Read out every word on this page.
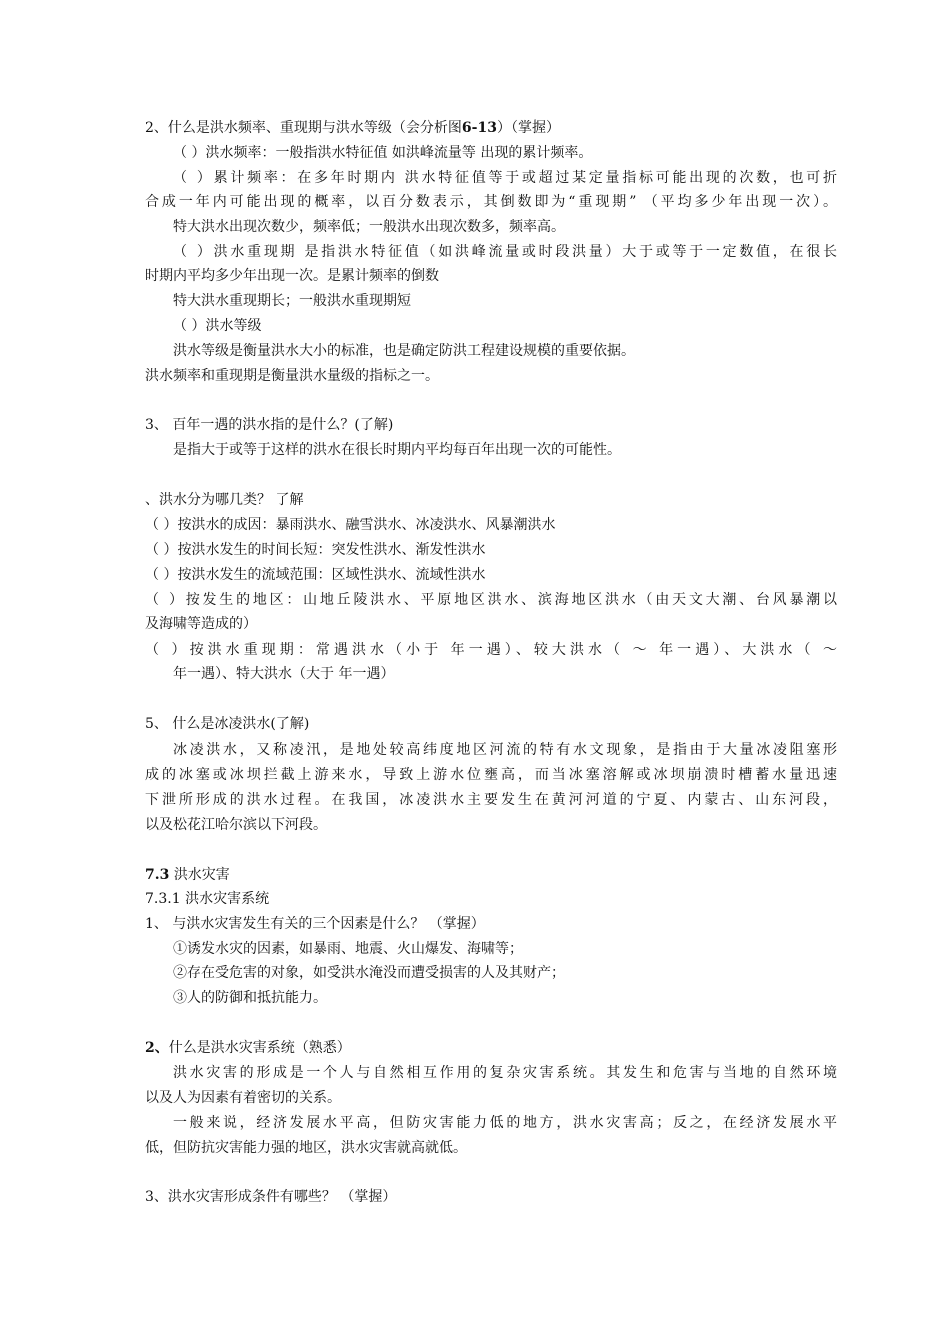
2、什么是洪水频率、重现期与洪水等级（会分析图6-13）（掌握）
（ ）洪水频率：一般指洪水特征值 如洪峰流量等 出现的累计频率。
（ ）累计频率：在多年时期内 洪水特征值等于或超过某定量指标可能出现的次数，也可折
合成一年内可能出现的概率，以百分数表示，其倒数即为“重现期” （平均多少年出现一次）。
特大洪水出现次数少，频率低；一般洪水出现次数多，频率高。
（ ）洪水重现期 是指洪水特征值（如洪峰流量或时段洪量）大于或等于一定数值，在很长
时期内平均多少年出现一次。是累计频率的倒数
特大洪水重现期长；一般洪水重现期短
（ ）洪水等级
洪水等级是衡量洪水大小的标准，也是确定防洪工程建设规模的重要依据。
洪水频率和重现期是衡量洪水量级的指标之一。
3、 百年一遇的洪水指的是什么？(了解)
是指大于或等于这样的洪水在很长时期内平均每百年出现一次的可能性。
、洪水分为哪几类？ 了解
（ ）按洪水的成因：暴雨洪水、融雪洪水、冰凌洪水、风暴潮洪水
（ ）按洪水发生的时间长短：突发性洪水、渐发性洪水
（ ）按洪水发生的流域范围：区域性洪水、流域性洪水
（ ）按发生的地区：山地丘陵洪水、平原地区洪水、滨海地区洪水（由天文大潮、台风暴潮以
及海啸等造成的）
（ ）按洪水重现期：常遇洪水（小于 年一遇）、较大洪水（ ～ 年一遇）、大洪水（ ～
年一遇）、特大洪水（大于 年一遇）
5、 什么是冰凌洪水(了解)
冰凌洪水，又称凌汛，是地处较高纬度地区河流的特有水文现象，是指由于大量冰凌阻塞形
成的冰塞或冰坝拦截上游来水，导致上游水位壅高，而当冰塞溶解或冰坝崩溃时槽蓄水量迅速
下泄所形成的洪水过程。在我国，冰凌洪水主要发生在黄河河道的宁夏、内蒙古、山东河段，
以及松花江哈尔滨以下河段。
7.3 洪水灾害
7.3.1 洪水灾害系统
1、 与洪水灾害发生有关的三个因素是什么？ （掌握）
①诱发水灾的因素，如暴雨、地震、火山爆发、海啸等；
②存在受危害的对象，如受洪水淹没而遭受损害的人及其财产；
③人的防御和抵抗能力。
2、什么是洪水灾害系统（熟悉）
洪水灾害的形成是一个人与自然相互作用的复杂灾害系统。其发生和危害与当地的自然环境
以及人为因素有着密切的关系。
一般来说，经济发展水平高，但防灾害能力低的地方，洪水灾害高；反之，在经济发展水平
低，但防抗灾害能力强的地区，洪水灾害就高就低。
3、洪水灾害形成条件有哪些？ （掌握）
